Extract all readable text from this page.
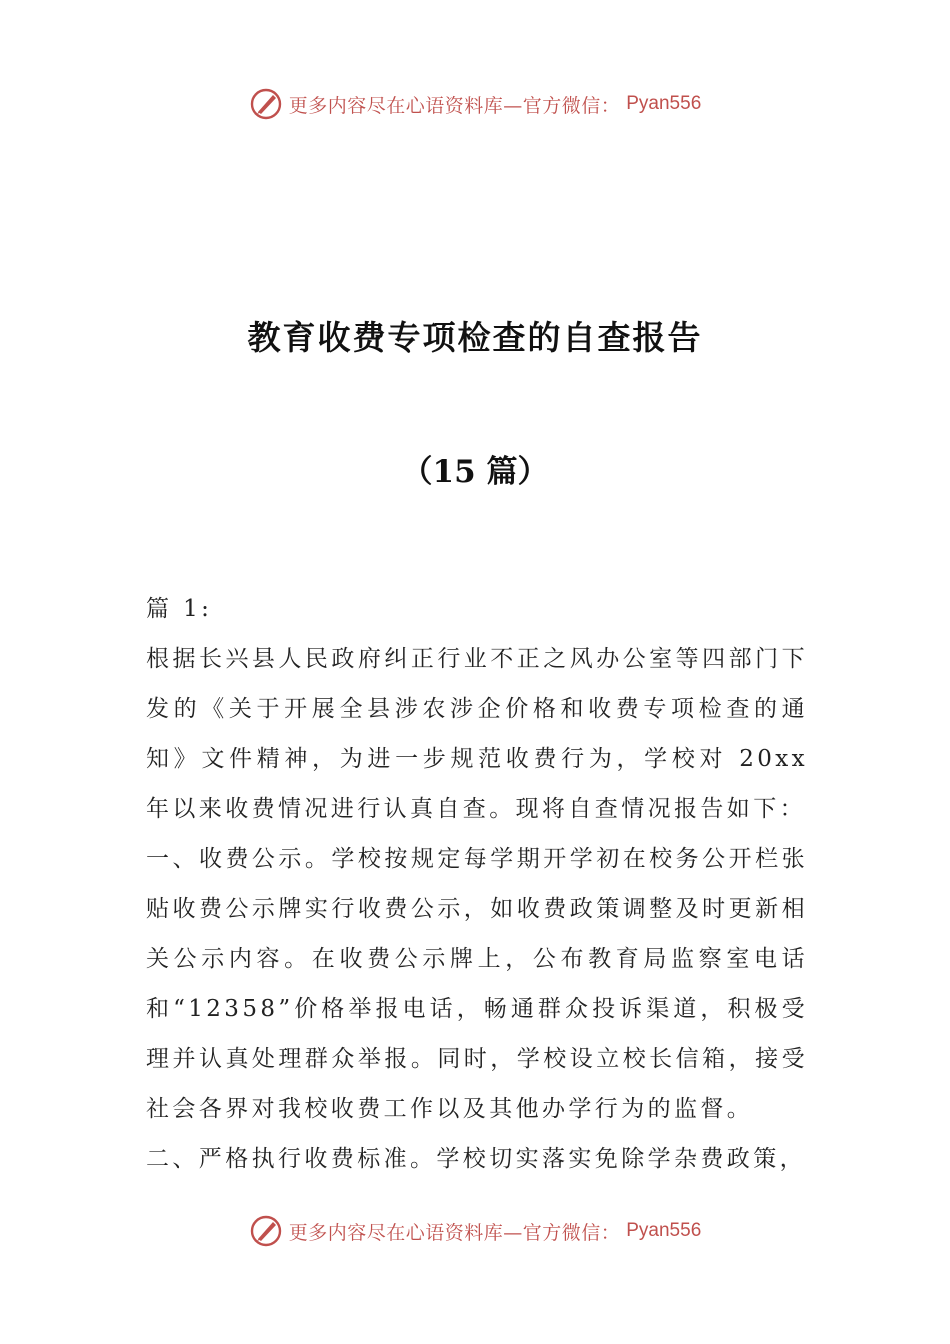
更多内容尽在心语资料库—官方微信： Pyan556
教育收费专项检查的自查报告
（15 篇）

篇 1:

根据长兴县人民政府纠正行业不正之风办公室等四部门下发的《关于开展全县涉农涉企价格和收费专项检查的通知》文件精神，为进一步规范收费行为，学校对 20xx 年以来收费情况进行认真自查。现将自查情况报告如下：

一、收费公示。学校按规定每学期开学初在校务公开栏张贴收费公示牌实行收费公示，如收费政策调整及时更新相关公示内容。在收费公示牌上，公布教育局监察室电话和“12358”价格举报电话，畅通群众投诉渠道，积极受理并认真处理群众举报。同时，学校设立校长信箱，接受社会各界对我校收费工作以及其他办学行为的监督。

二、严格执行收费标准。学校切实落实免除学杂费政策，

更多内容尽在心语资料库—官方微信： Pyan556
